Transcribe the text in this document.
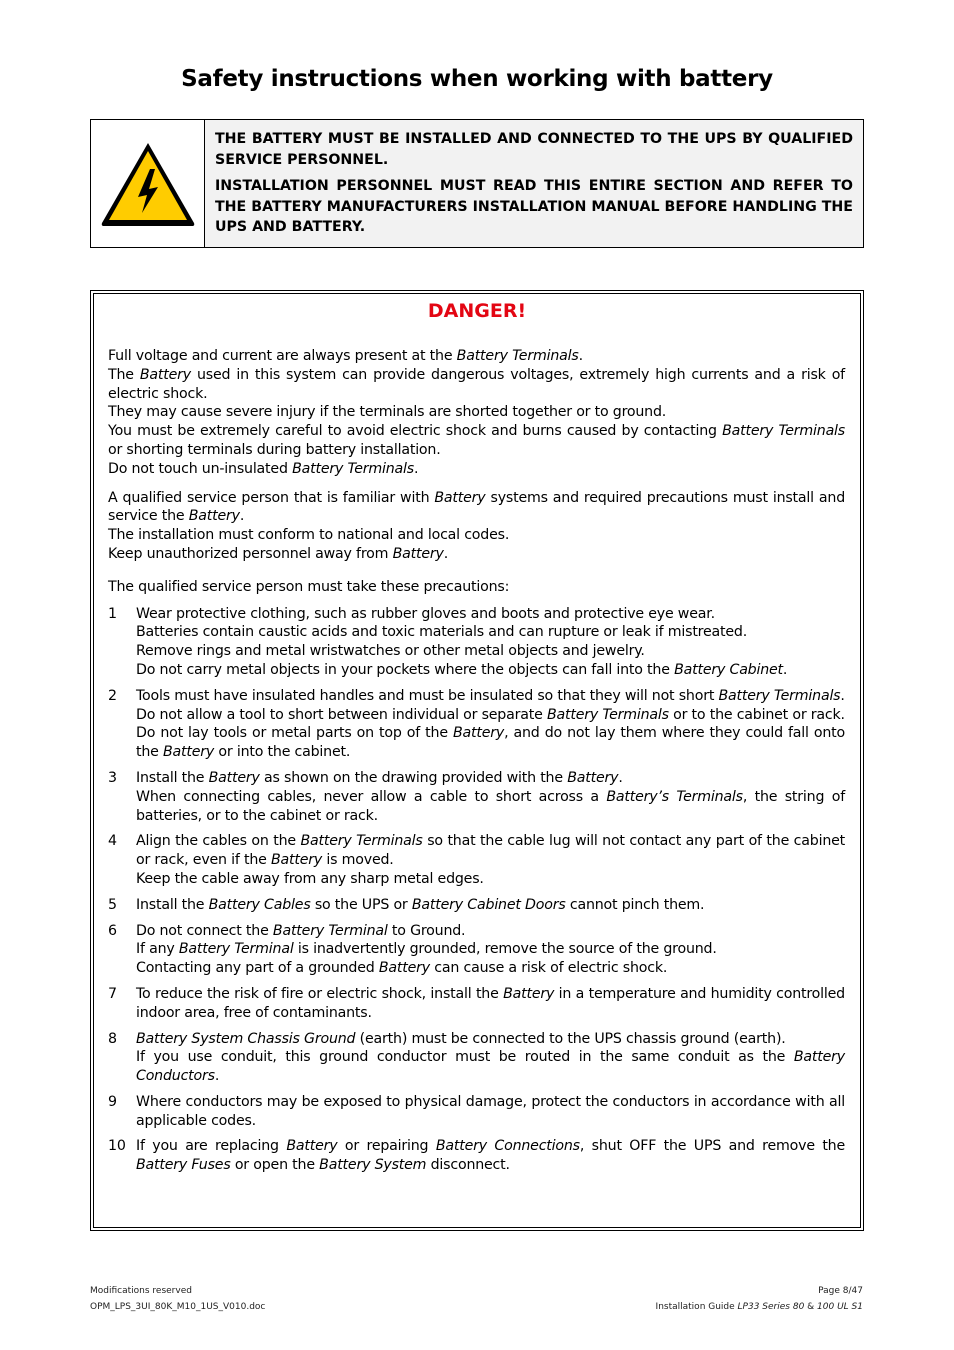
Safety instructions when working with battery

THE BATTERY MUST BE INSTALLED AND CONNECTED TO THE UPS BY QUALIFIED SERVICE PERSONNEL.

INSTALLATION PERSONNEL MUST READ THIS ENTIRE SECTION AND REFER TO THE BATTERY MANUFACTURERS INSTALLATION MANUAL BEFORE HANDLING THE UPS AND BATTERY.

DANGER!

Full voltage and current are always present at the Battery Terminals.

The Battery used in this system can provide dangerous voltages, extremely high currents and a risk of electric shock.

They may cause severe injury if the terminals are shorted together or to ground.

You must be extremely careful to avoid electric shock and burns caused by contacting Battery Terminals or shorting terminals during battery installation.

Do not touch un-insulated Battery Terminals.

A qualified service person that is familiar with Battery systems and required precautions must install and service the Battery.

The installation must conform to national and local codes.

Keep unauthorized personnel away from Battery.

The qualified service person must take these precautions:

1 Wear protective clothing, such as rubber gloves and boots and protective eye wear.
Batteries contain caustic acids and toxic materials and can rupture or leak if mistreated.
Remove rings and metal wristwatches or other metal objects and jewelry.
Do not carry metal objects in your pockets where the objects can fall into the Battery Cabinet.
2 Tools must have insulated handles and must be insulated so that they will not short Battery Terminals.
Do not allow a tool to short between individual or separate Battery Terminals or to the cabinet or rack.
Do not lay tools or metal parts on top of the Battery, and do not lay them where they could fall onto the Battery or into the cabinet.
3 Install the Battery as shown on the drawing provided with the Battery.
When connecting cables, never allow a cable to short across a Battery’s Terminals, the string of batteries, or to the cabinet or rack.
4 Align the cables on the Battery Terminals so that the cable lug will not contact any part of the cabinet or rack, even if the Battery is moved.
Keep the cable away from any sharp metal edges.
5 Install the Battery Cables so the UPS or Battery Cabinet Doors cannot pinch them.
6 Do not connect the Battery Terminal to Ground.
If any Battery Terminal is inadvertently grounded, remove the source of the ground.
Contacting any part of a grounded Battery can cause a risk of electric shock.
7 To reduce the risk of fire or electric shock, install the Battery in a temperature and humidity controlled indoor area, free of contaminants.
8 Battery System Chassis Ground (earth) must be connected to the UPS chassis ground (earth).
If you use conduit, this ground conductor must be routed in the same conduit as the Battery Conductors.
9 Where conductors may be exposed to physical damage, protect the conductors in accordance with all applicable codes.
10 If you are replacing Battery or repairing Battery Connections, shut OFF the UPS and remove the Battery Fuses or open the Battery System disconnect.
Modifications reserved
OPM_LPS_3UI_80K_M10_1US_V010.doc
Page 8/47
Installation Guide LP33 Series 80 & 100 UL S1
